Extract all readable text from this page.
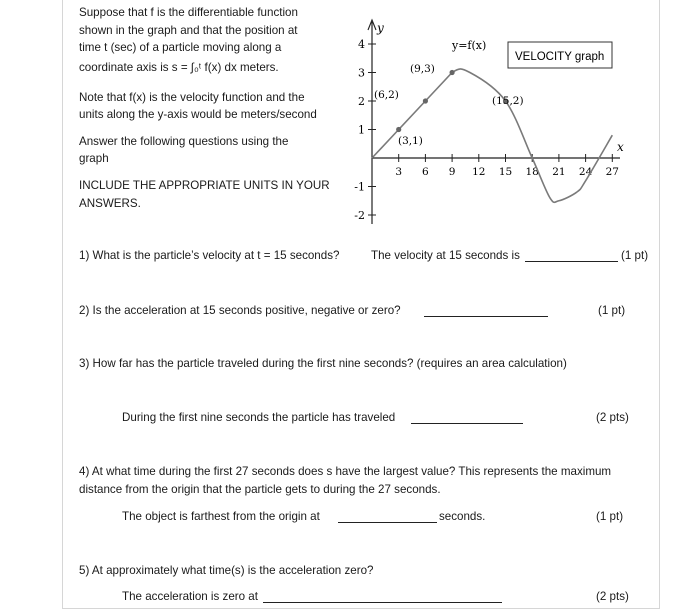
Suppose that f is the differentiable function
shown in the graph and that the position at
time t (sec) of a particle moving along a
coordinate axis is s = ∫₀ᵗ f(x) dx meters.
Note that f(x) is the velocity function and the
units along the y-axis would be meters/second
Answer the following questions using the
graph
INCLUDE THE APPROPRIATE UNITS IN YOUR
ANSWERS.
4
3
2
1
-1
-2
3 6 9 12 15 18 21 24 27
y
x
y=f(x)
VELOCITY graph
(9,3)
(6,2)	(15,2)
(3,1)
1) What is the particle’s velocity at t = 15 seconds?	The velocity at 15 seconds is	(1 pt)
2) Is the acceleration at 15 seconds positive, negative or zero?	(1 pt)
3) How far has the particle traveled during the first nine seconds? (requires an area calculation)
During the first nine seconds the particle has traveled	(2 pts)
4) At what time during the first 27 seconds does s have the largest value? This represents the maximum
distance from the origin that the particle gets to during the 27 seconds.
The object is farthest from the origin at	seconds.	(1 pt)
5) At approximately what time(s) is the acceleration zero?
The acceleration is zero at	(2 pts)
